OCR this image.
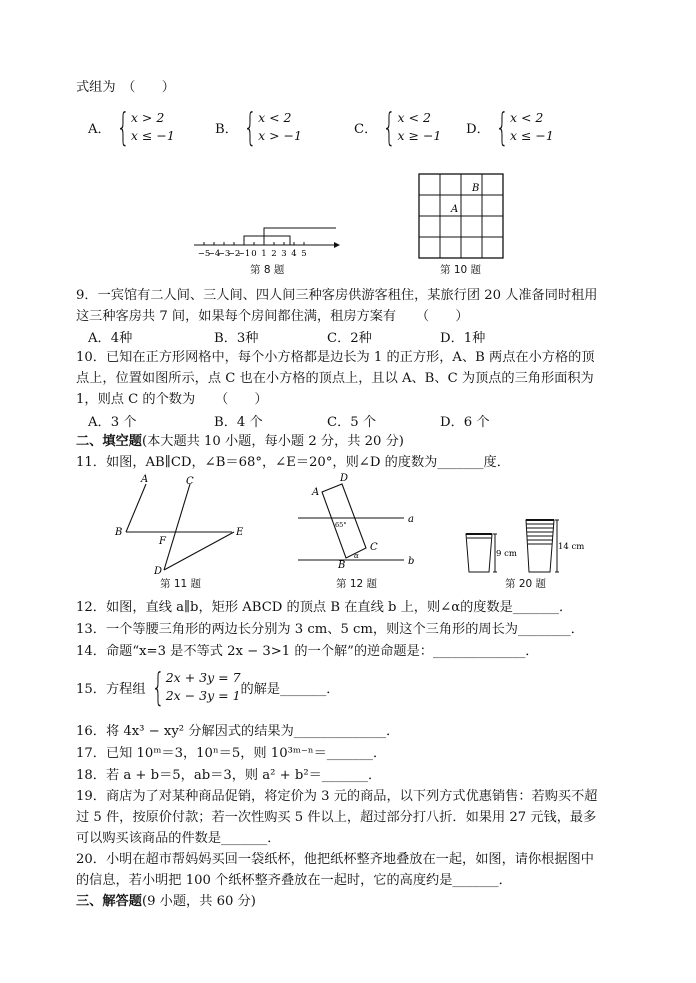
式组为　（　　）
A． { x > 2
x ≤ −1	B． { x < 2
x > −1	C． { x < 2
x ≥ −1 D． { x < 2
x ≤ −1
−5
−4
−3
−2
−1 0 1 2 3 4 5
第 8 题
B
A
第 10 题
9．一宾馆有二人间、三人间、四人间三种客房供游客租住，某旅行团 20 人准备同时租用
这三种客房共 7 间，如果每个房间都住满，租房方案有　　（　　）
A．4种	B．3种	C．2种	D．1种
10．已知在正方形网格中，每个小方格都是边长为 1 的正方形，A、B 两点在小方格的顶
点上，位置如图所示，点 C 也在小方格的顶点上，且以 A、B、C 为顶点的三角形面积为
1，则点 C 的个数为　　（　　）
A．3 个	B．4 个	C．5 个	D．6 个
二、填空题(本大题共 10 小题，每小题 2 分，共 20 分)
11．如图，AB∥CD，∠B＝68°，∠E＝20°，则∠D 的度数为_______度．
A	C
B
F
E
D
第 11 题
A
D
C
B
a
b
65°
α
第 12 题
9 cm
14 cm
第 20 题
12．如图，直线 a∥b，矩形 ABCD 的顶点 B 在直线 b 上，则∠α的度数是_______．
13．一个等腰三角形的两边长分别为 3 cm、5 cm，则这个三角形的周长为________．
14．命题“x=3 是不等式 2x − 3>1 的一个解”的逆命题是：______________．
15．方程组 { 2x + 3y = 7
2x − 3y = 1 的解是_______．
16．将 4x³ − xy² 分解因式的结果为______________．
17．已知 10ᵐ＝3，10ⁿ＝5，则 10³ᵐ⁻ⁿ＝_______．
18．若 a + b＝5，ab＝3，则 a² + b²＝_______．
19．商店为了对某种商品促销，将定价为 3 元的商品，以下列方式优惠销售：若购买不超
过 5 件，按原价付款；若一次性购买 5 件以上，超过部分打八折．如果用 27 元钱，最多
可以购买该商品的件数是_______．
20．小明在超市帮妈妈买回一袋纸杯，他把纸杯整齐地叠放在一起，如图，请你根据图中
的信息，若小明把 100 个纸杯整齐叠放在一起时，它的高度约是_______．
三、解答题(9 小题，共 60 分)
